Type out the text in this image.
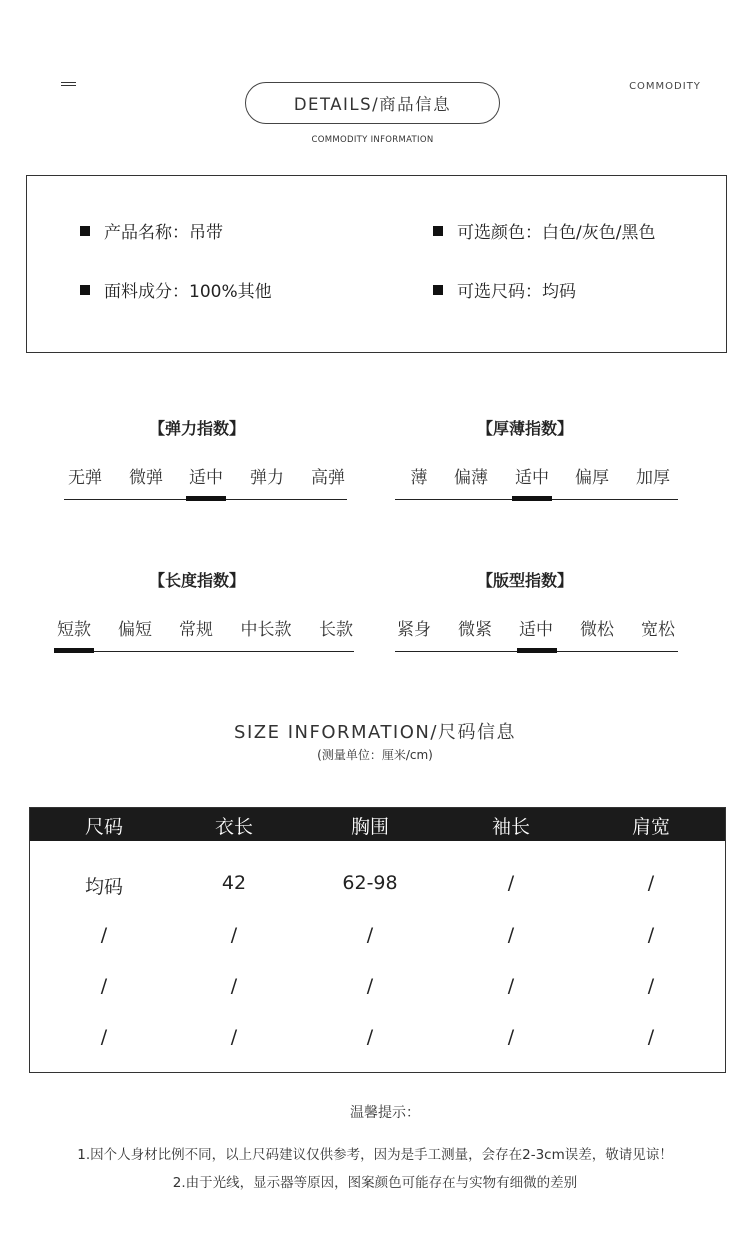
COMMODITY
DETAILS/商品信息
COMMODITY INFORMATION
产品名称：吊带	可选颜色：白色/灰色/黑色
面料成分：100%其他	可选尺码：均码
【弹力指数】
无弹 微弹 适中 弹力 高弹
【厚薄指数】
薄 偏薄 适中 偏厚 加厚
【长度指数】
短款 偏短 常规 中长款 长款
【版型指数】
紧身 微紧 适中 微松 宽松
SIZE INFORMATION/尺码信息
(测量单位：厘米/cm)
尺码	衣长	胸围	袖长	肩宽
均码	42	62-98	/	/
/	/	/	/	/
/	/	/	/	/
/	/	/	/	/
温馨提示：
1.因个人身材比例不同，以上尺码建议仅供参考，因为是手工测量，会存在2-3cm误差，敬请见谅！
2.由于光线，显示器等原因，图案颜色可能存在与实物有细微的差别
